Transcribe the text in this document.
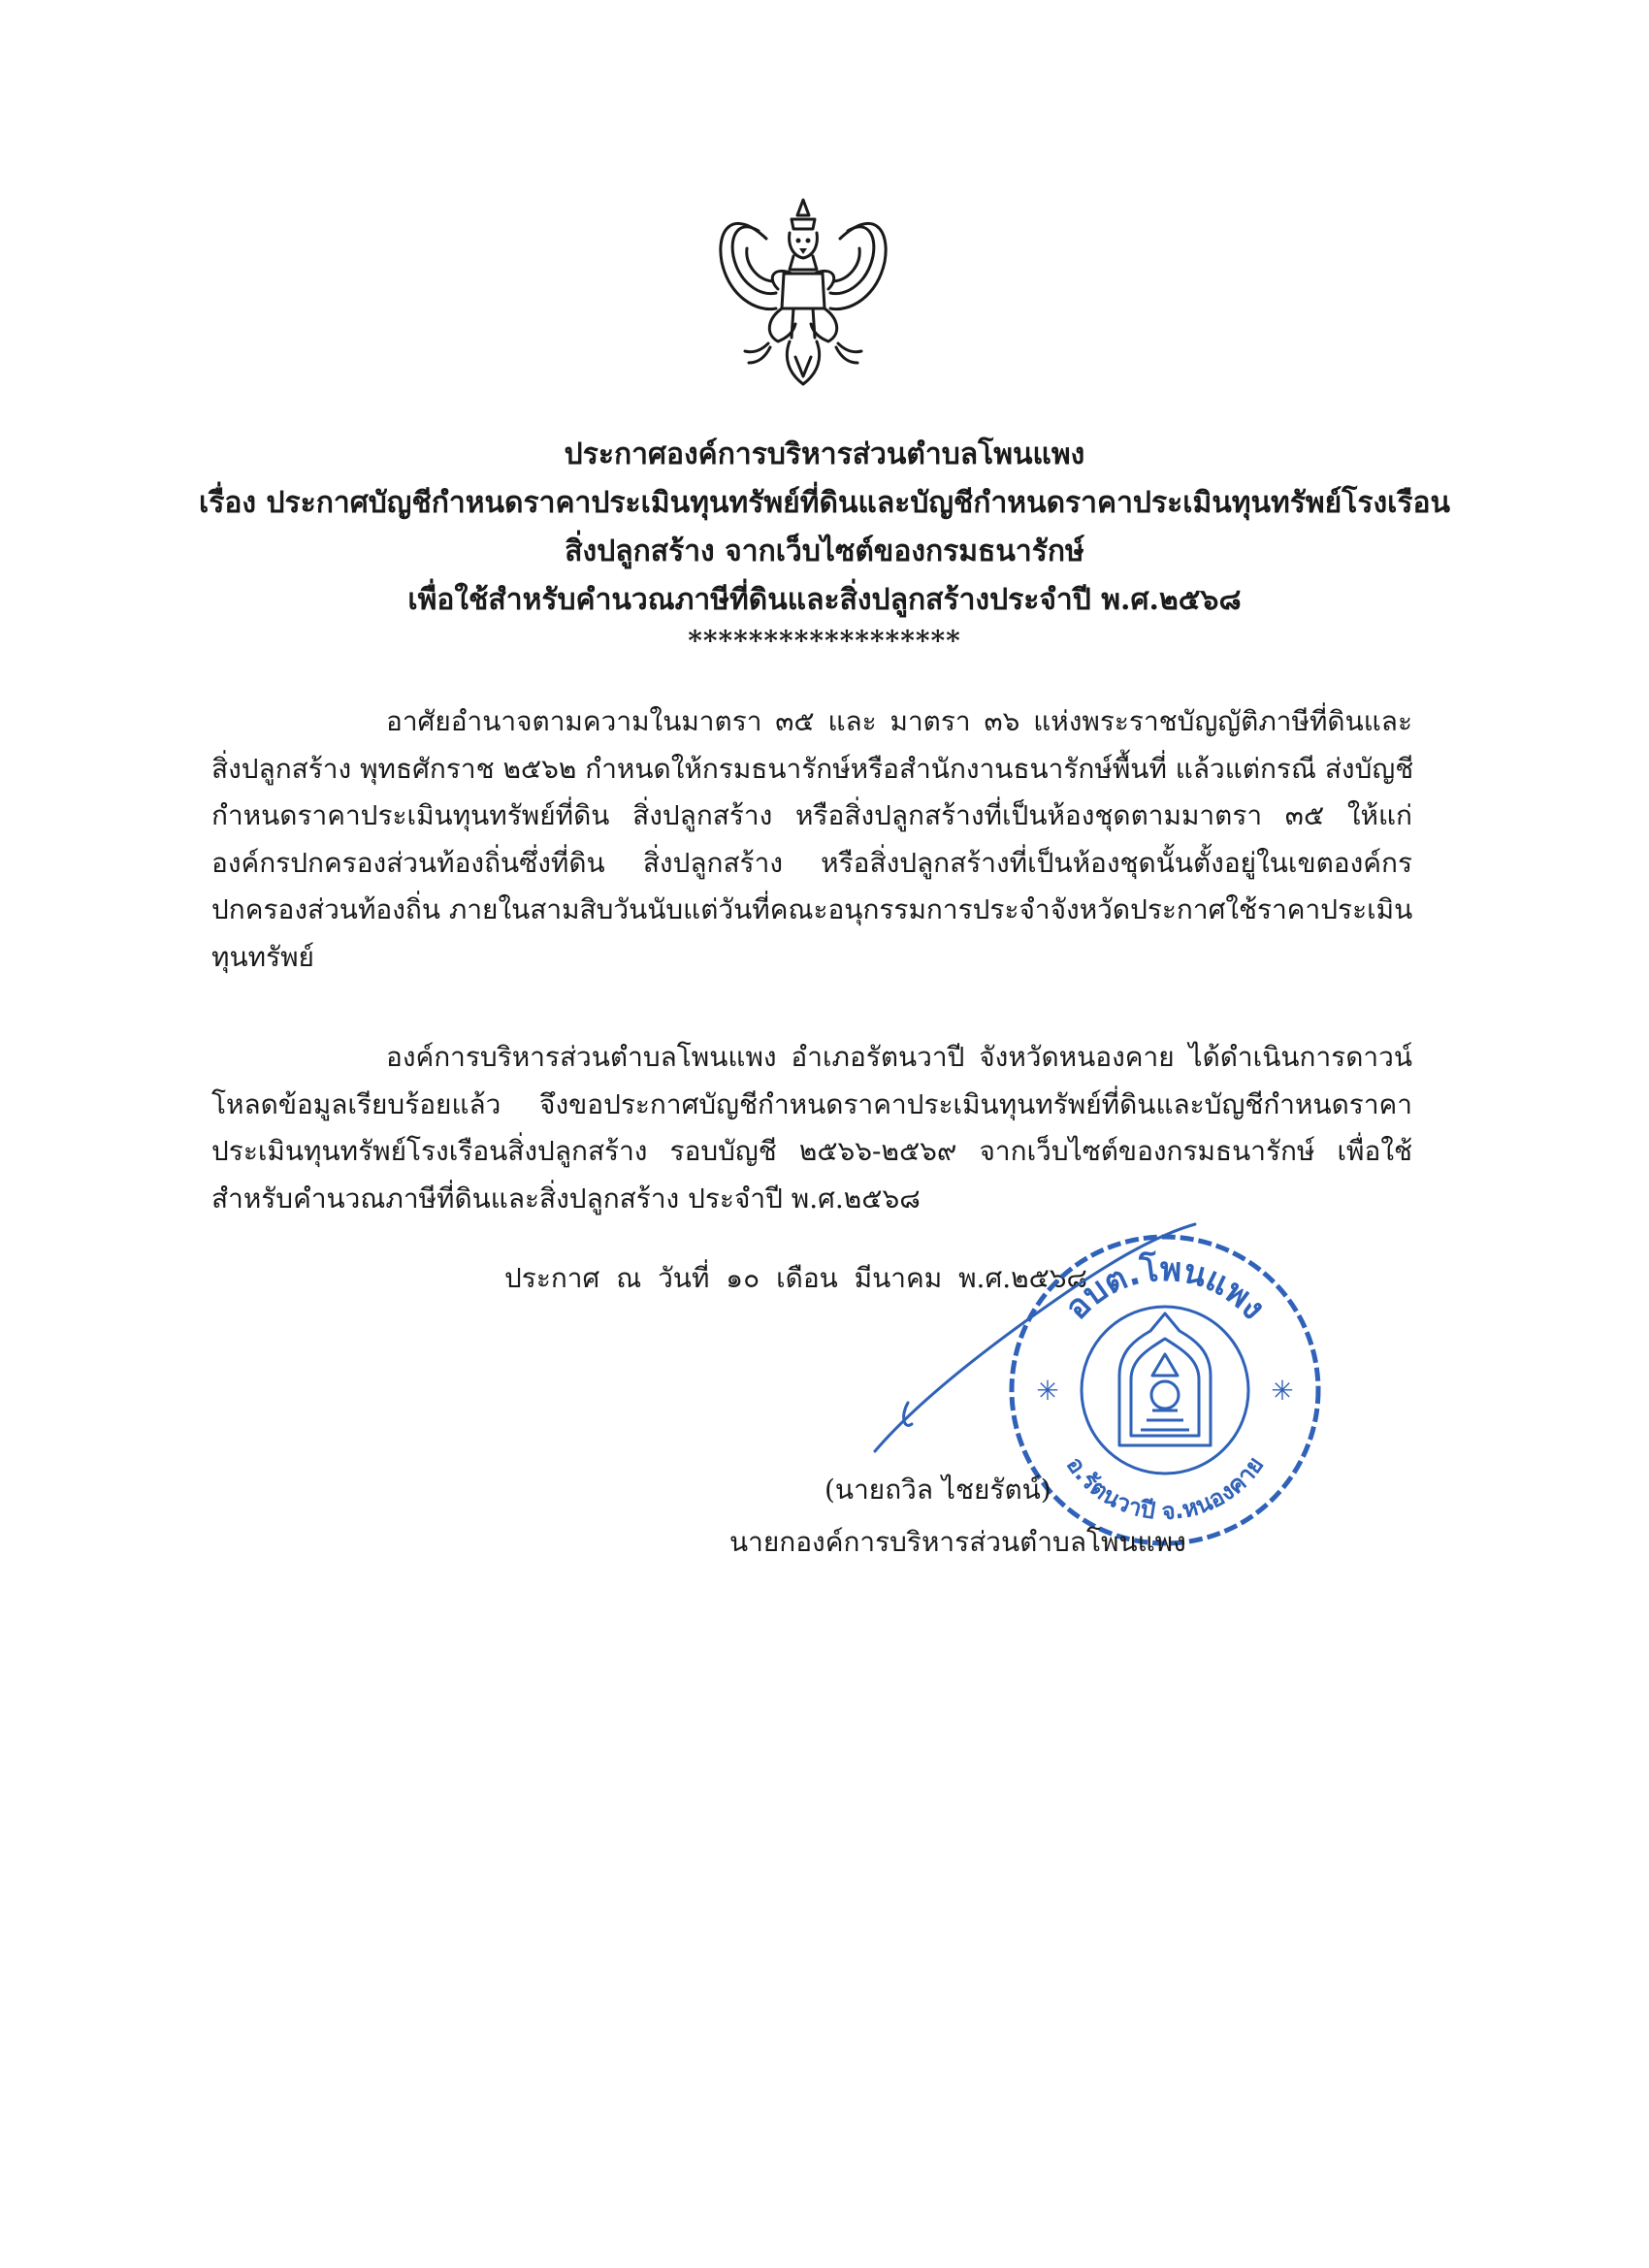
ประกาศองค์การบริหารส่วนตำบลโพนแพง
เรื่อง ประกาศบัญชีกำหนดราคาประเมินทุนทรัพย์ที่ดินและบัญชีกำหนดราคาประเมินทุนทรัพย์โรงเรือน
สิ่งปลูกสร้าง จากเว็บไซต์ของกรมธนารักษ์
เพื่อใช้สำหรับคำนวณภาษีที่ดินและสิ่งปลูกสร้างประจำปี พ.ศ.๒๕๖๘
******************
อาศัยอำนาจตามความในมาตรา ๓๕ และ มาตรา ๓๖ แห่งพระราชบัญญัติภาษีที่ดินและ
สิ่งปลูกสร้าง พุทธศักราช ๒๕๖๒ กำหนดให้กรมธนารักษ์หรือสำนักงานธนารักษ์พื้นที่ แล้วแต่กรณี ส่งบัญชี
กำหนดราคาประเมินทุนทรัพย์ที่ดิน สิ่งปลูกสร้าง หรือสิ่งปลูกสร้างที่เป็นห้องชุดตามมาตรา ๓๕ ให้แก่
องค์กรปกครองส่วนท้องถิ่นซึ่งที่ดิน สิ่งปลูกสร้าง หรือสิ่งปลูกสร้างที่เป็นห้องชุดนั้นตั้งอยู่ในเขตองค์กร
ปกครองส่วนท้องถิ่น ภายในสามสิบวันนับแต่วันที่คณะอนุกรรมการประจำจังหวัดประกาศใช้ราคาประเมิน
ทุนทรัพย์
องค์การบริหารส่วนตำบลโพนแพง อำเภอรัตนวาปี จังหวัดหนองคาย ได้ดำเนินการดาวน์
โหลดข้อมูลเรียบร้อยแล้ว จึงขอประกาศบัญชีกำหนดราคาประเมินทุนทรัพย์ที่ดินและบัญชีกำหนดราคา
ประเมินทุนทรัพย์โรงเรือนสิ่งปลูกสร้าง รอบบัญชี ๒๕๖๖-๒๕๖๙ จากเว็บไซต์ของกรมธนารักษ์ เพื่อใช้
สำหรับคำนวณภาษีที่ดินและสิ่งปลูกสร้าง ประจำปี พ.ศ.๒๕๖๘
ประกาศ ณ วันที่ ๑๐ เดือน มีนาคม พ.ศ.๒๕๖๘
อบต.โพนแพง
อ.รัตนวาปี จ.หนองคาย
✳	✳
(นายถวิล ไชยรัตน์)
นายกองค์การบริหารส่วนตำบลโพนแพง
